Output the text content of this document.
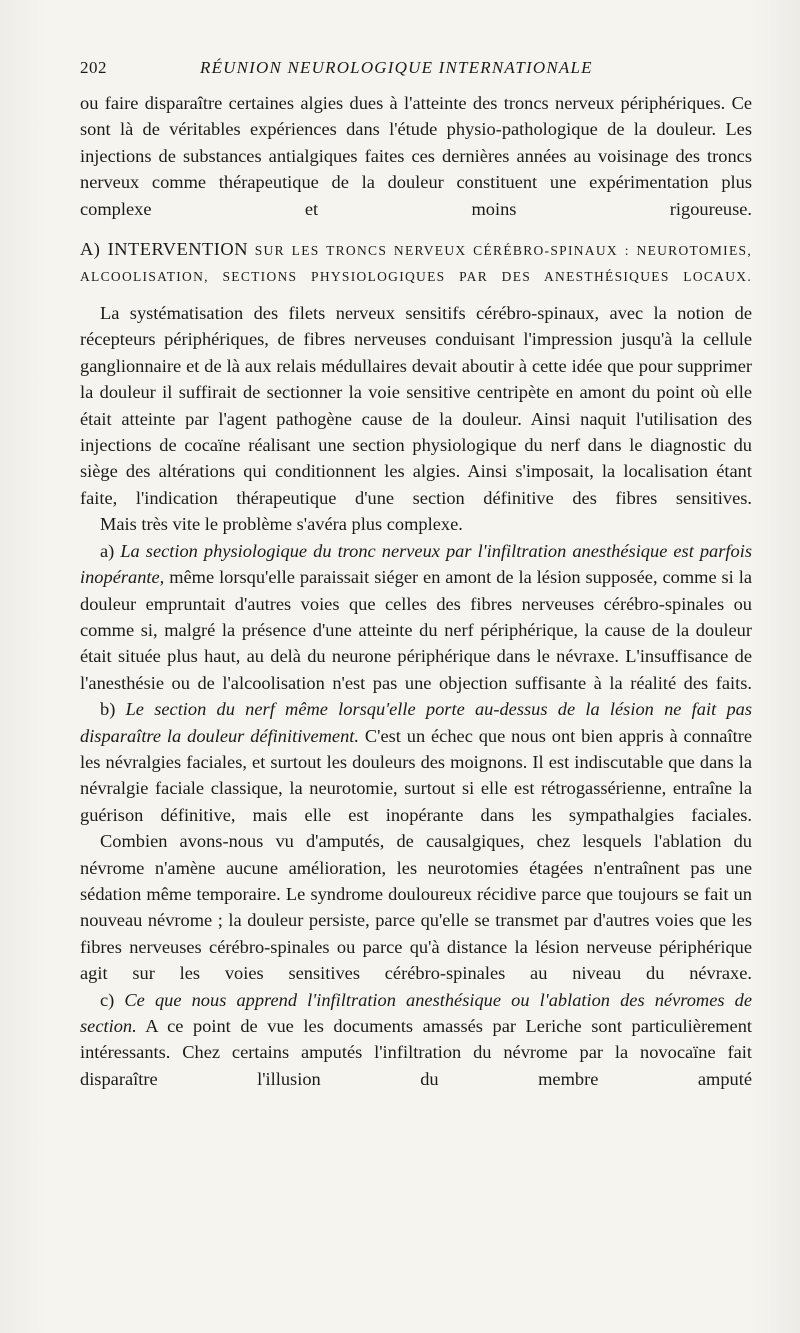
202	RÉUNION NEUROLOGIQUE INTERNATIONALE

ou faire disparaître certaines algies dues à l'atteinte des troncs nerveux périphériques. Ce sont là de véritables expériences dans l'étude physio-pathologique de la douleur. Les injections de substances antialgiques faites ces dernières années au voisinage des troncs nerveux comme thérapeutique de la douleur constituent une expérimentation plus complexe et moins rigoureuse.

A) INTERVENTION SUR LES TRONCS NERVEUX CÉRÉBRO-SPINAUX : NEUROTOMIES, ALCOOLISATION, SECTIONS PHYSIOLOGIQUES PAR DES ANESTHÉSIQUES LOCAUX.

La systématisation des filets nerveux sensitifs cérébro-spinaux, avec la notion de récepteurs périphériques, de fibres nerveuses conduisant l'impression jusqu'à la cellule ganglionnaire et de là aux relais médullaires devait aboutir à cette idée que pour supprimer la douleur il suffirait de sectionner la voie sensitive centripète en amont du point où elle était atteinte par l'agent pathogène cause de la douleur. Ainsi naquit l'utilisation des injections de cocaïne réalisant une section physiologique du nerf dans le diagnostic du siège des altérations qui conditionnent les algies. Ainsi s'imposait, la localisation étant faite, l'indication thérapeutique d'une section définitive des fibres sensitives.

Mais très vite le problème s'avéra plus complexe.

a) La section physiologique du tronc nerveux par l'infiltration anesthésique est parfois inopérante, même lorsqu'elle paraissait siéger en amont de la lésion supposée, comme si la douleur empruntait d'autres voies que celles des fibres nerveuses cérébro-spinales ou comme si, malgré la présence d'une atteinte du nerf périphérique, la cause de la douleur était située plus haut, au delà du neurone périphérique dans le névraxe. L'insuffisance de l'anesthésie ou de l'alcoolisation n'est pas une objection suffisante à la réalité des faits.

b) Le section du nerf même lorsqu'elle porte au-dessus de la lésion ne fait pas disparaître la douleur définitivement. C'est un échec que nous ont bien appris à connaître les névralgies faciales, et surtout les douleurs des moignons. Il est indiscutable que dans la névralgie faciale classique, la neurotomie, surtout si elle est rétrogassérienne, entraîne la guérison définitive, mais elle est inopérante dans les sympathalgies faciales.

Combien avons-nous vu d'amputés, de causalgiques, chez lesquels l'ablation du névrome n'amène aucune amélioration, les neurotomies étagées n'entraînent pas une sédation même temporaire. Le syndrome douloureux récidive parce que toujours se fait un nouveau névrome ; la douleur persiste, parce qu'elle se transmet par d'autres voies que les fibres nerveuses cérébro-spinales ou parce qu'à distance la lésion nerveuse périphérique agit sur les voies sensitives cérébro-spinales au niveau du névraxe.

c) Ce que nous apprend l'infiltration anesthésique ou l'ablation des névromes de section. A ce point de vue les documents amassés par Leriche sont particulièrement intéressants. Chez certains amputés l'infiltration du névrome par la novocaïne fait disparaître l'illusion du membre amputé
